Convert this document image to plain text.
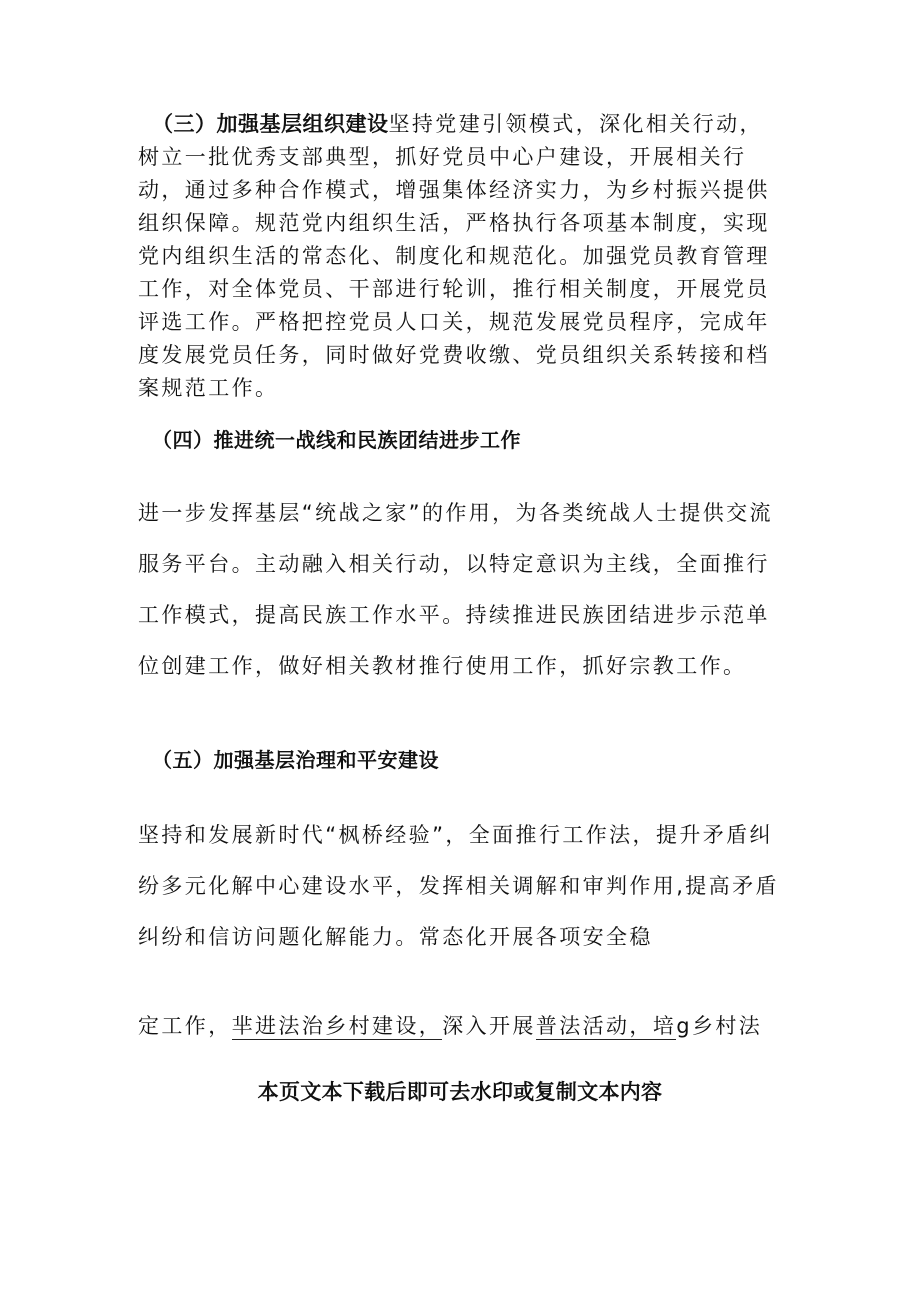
（三）加强基层组织建设坚持党建引领模式，深化相关行动，树立一批优秀支部典型，抓好党员中心户建设，开展相关行动，通过多种合作模式，增强集体经济实力，为乡村振兴提供组织保障。规范党内组织生活，严格执行各项基本制度，实现党内组织生活的常态化、制度化和规范化。加强党员教育管理工作，对全体党员、干部进行轮训，推行相关制度，开展党员评选工作。严格把控党员人口关，规范发展党员程序，完成年度发展党员任务，同时做好党费收缴、党员组织关系转接和档案规范工作。
（四）推进统一战线和民族团结进步工作
进一步发挥基层“统战之家”的作用，为各类统战人士提供交流服务平台。主动融入相关行动，以特定意识为主线，全面推行工作模式，提高民族工作水平。持续推进民族团结进步示范单位创建工作，做好相关教材推行使用工作，抓好宗教工作。
（五）加强基层治理和平安建设
坚持和发展新时代“枫桥经验”，全面推行工作法，提升矛盾纠纷多元化解中心建设水平，发挥相关调解和审判作用,提高矛盾纠纷和信访问题化解能力。常态化开展各项安全稳
定工作，芈进法治乡村建设，深入开展普法活动，培g乡村法
本页文本下载后即可去水印或复制文本内容
